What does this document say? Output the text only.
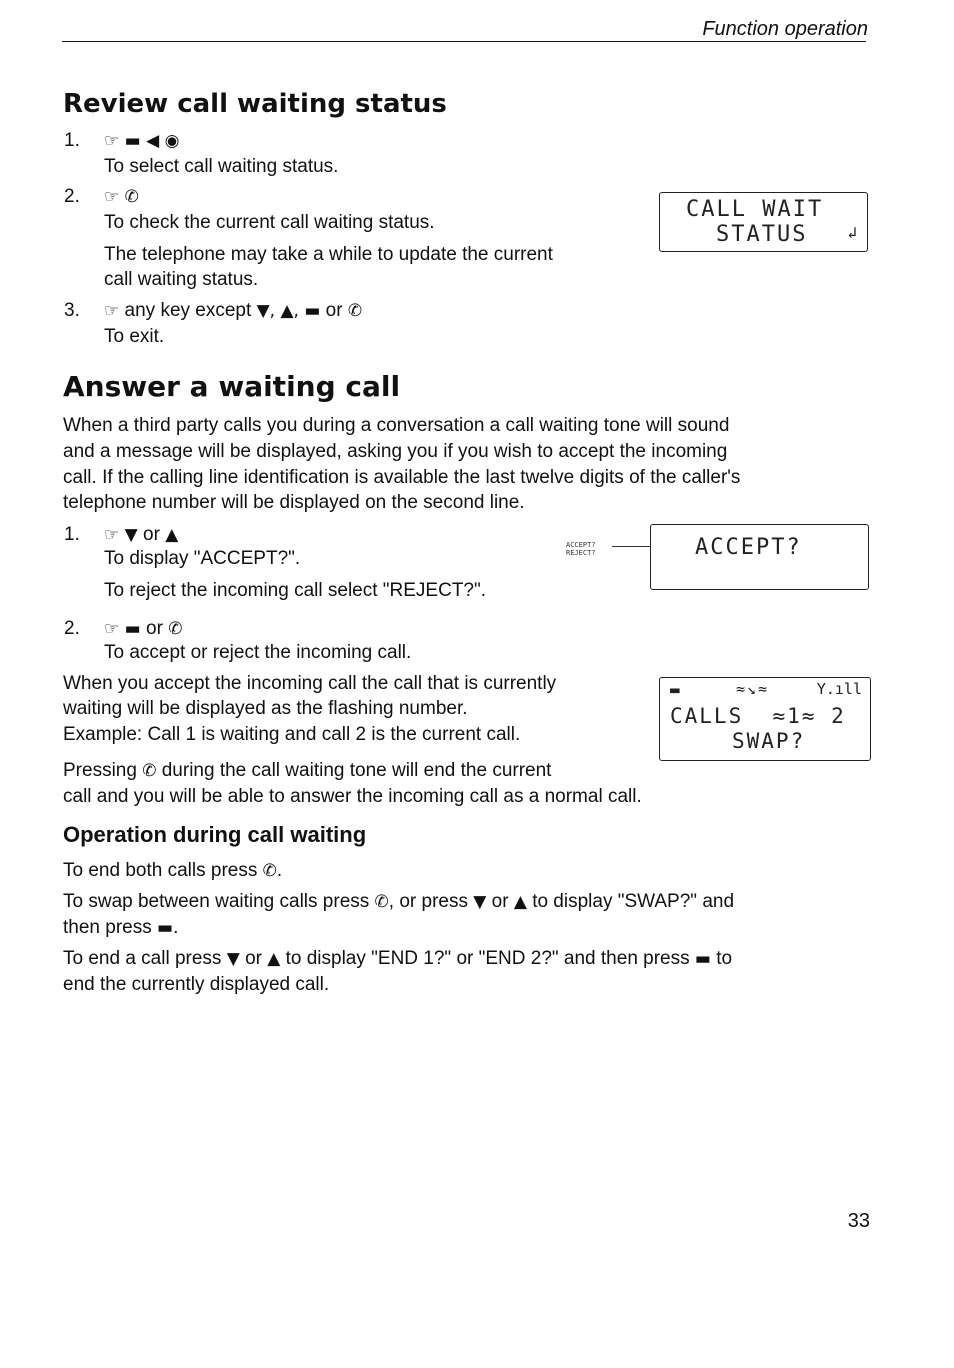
Function operation
Review call waiting status
1. ☞ ▬ ◀ ◉
To select call waiting status.
2. ☞ ✆
To check the current call waiting status.
The telephone may take a while to update the current
call waiting status.
3. ☞ any key except ▼, ▲, ▬ or ✆
To exit.
CALL WAIT
STATUS ↲
Answer a waiting call
When a third party calls you during a conversation a call waiting tone will sound
and a message will be displayed, asking you if you wish to accept the incoming
call. If the calling line identification is available the last twelve digits of the caller's
telephone number will be displayed on the second line.
1. ☞ ▼ or ▲
To display "ACCEPT?".
To reject the incoming call select "REJECT?".
ACCEPT?
REJECT?	ACCEPT?
2. ☞ ▬ or ✆
To accept or reject the incoming call.
When you accept the incoming call the call that is currently
waiting will be displayed as the flashing number.
Example: Call 1 is waiting and call 2 is the current call.
▬	≈↘≈	Y.ıll
CALLS  ≈1≈ 2
SWAP?
Pressing ✆ during the call waiting tone will end the current
call and you will be able to answer the incoming call as a normal call.
Operation during call waiting
To end both calls press ✆.
To swap between waiting calls press ✆, or press ▼ or ▲ to display "SWAP?" and
then press ▬.
To end a call press ▼ or ▲ to display "END 1?" or "END 2?" and then press ▬ to
end the currently displayed call.
33
